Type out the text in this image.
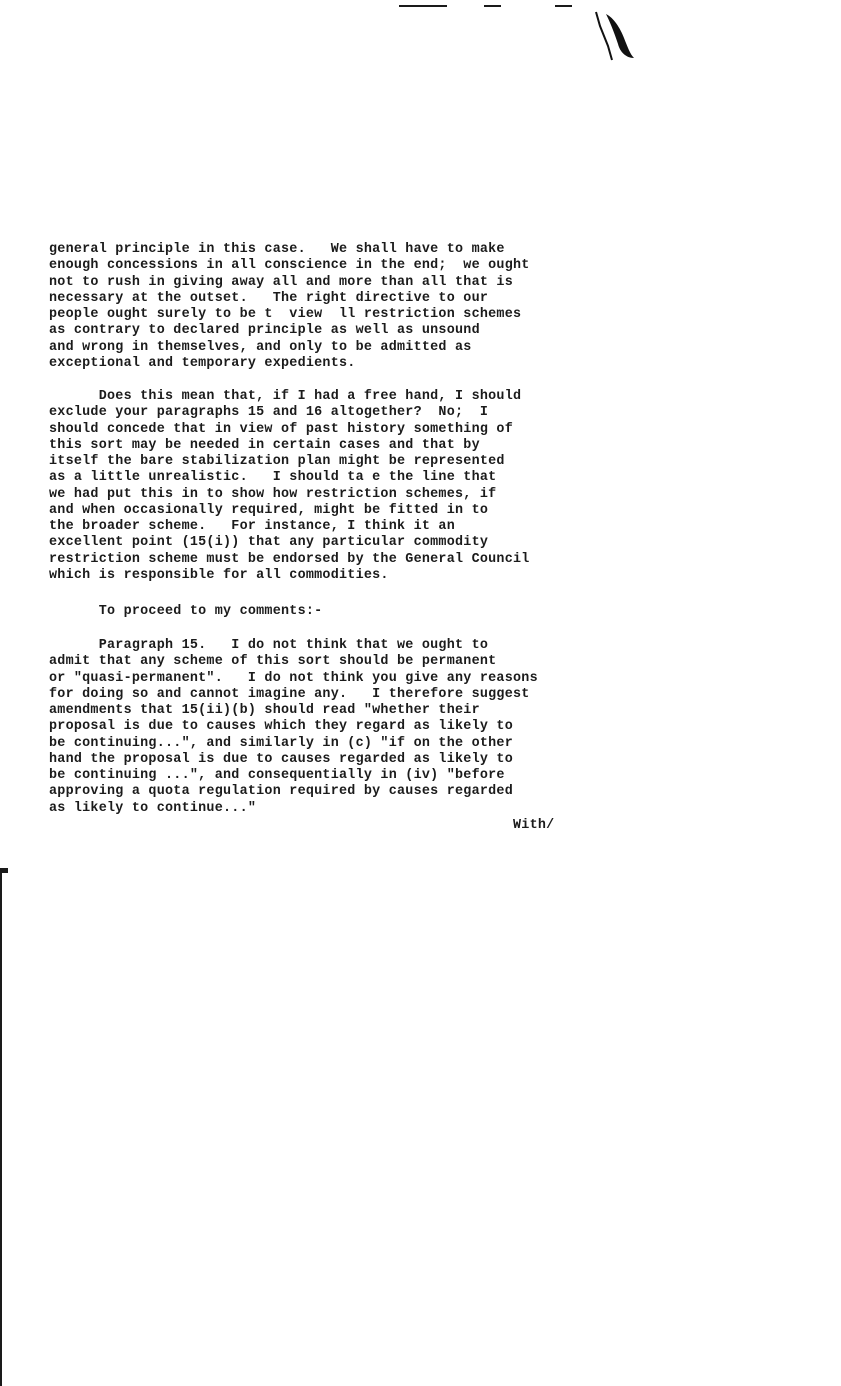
general principle in this case.   We shall have to make
enough concessions in all conscience in the end;  we ought
not to rush in giving away all and more than all that is
necessary at the outset.   The right directive to our
people ought surely to be t  view  ll restriction schemes
as contrary to declared principle as well as unsound
and wrong in themselves, and only to be admitted as
exceptional and temporary expedients.
Does this mean that, if I had a free hand, I should
exclude your paragraphs 15 and 16 altogether?  No;  I
should concede that in view of past history something of
this sort may be needed in certain cases and that by
itself the bare stabilization plan might be represented
as a little unrealistic.   I should ta e the line that
we had put this in to show how restriction schemes, if
and when occasionally required, might be fitted in to
the broader scheme.   For instance, I think it an
excellent point (15(i)) that any particular commodity
restriction scheme must be endorsed by the General Council
which is responsible for all commodities.
To proceed to my comments:-
Paragraph 15.   I do not think that we ought to
admit that any scheme of this sort should be permanent
or "quasi-permanent".   I do not think you give any reasons
for doing so and cannot imagine any.   I therefore suggest
amendments that 15(ii)(b) should read "whether their
proposal is due to causes which they regard as likely to
be continuing...", and similarly in (c) "if on the other
hand the proposal is due to causes regarded as likely to
be continuing ...", and consequentially in (iv) "before
approving a quota regulation required by causes regarded
as likely to continue..."
With/
